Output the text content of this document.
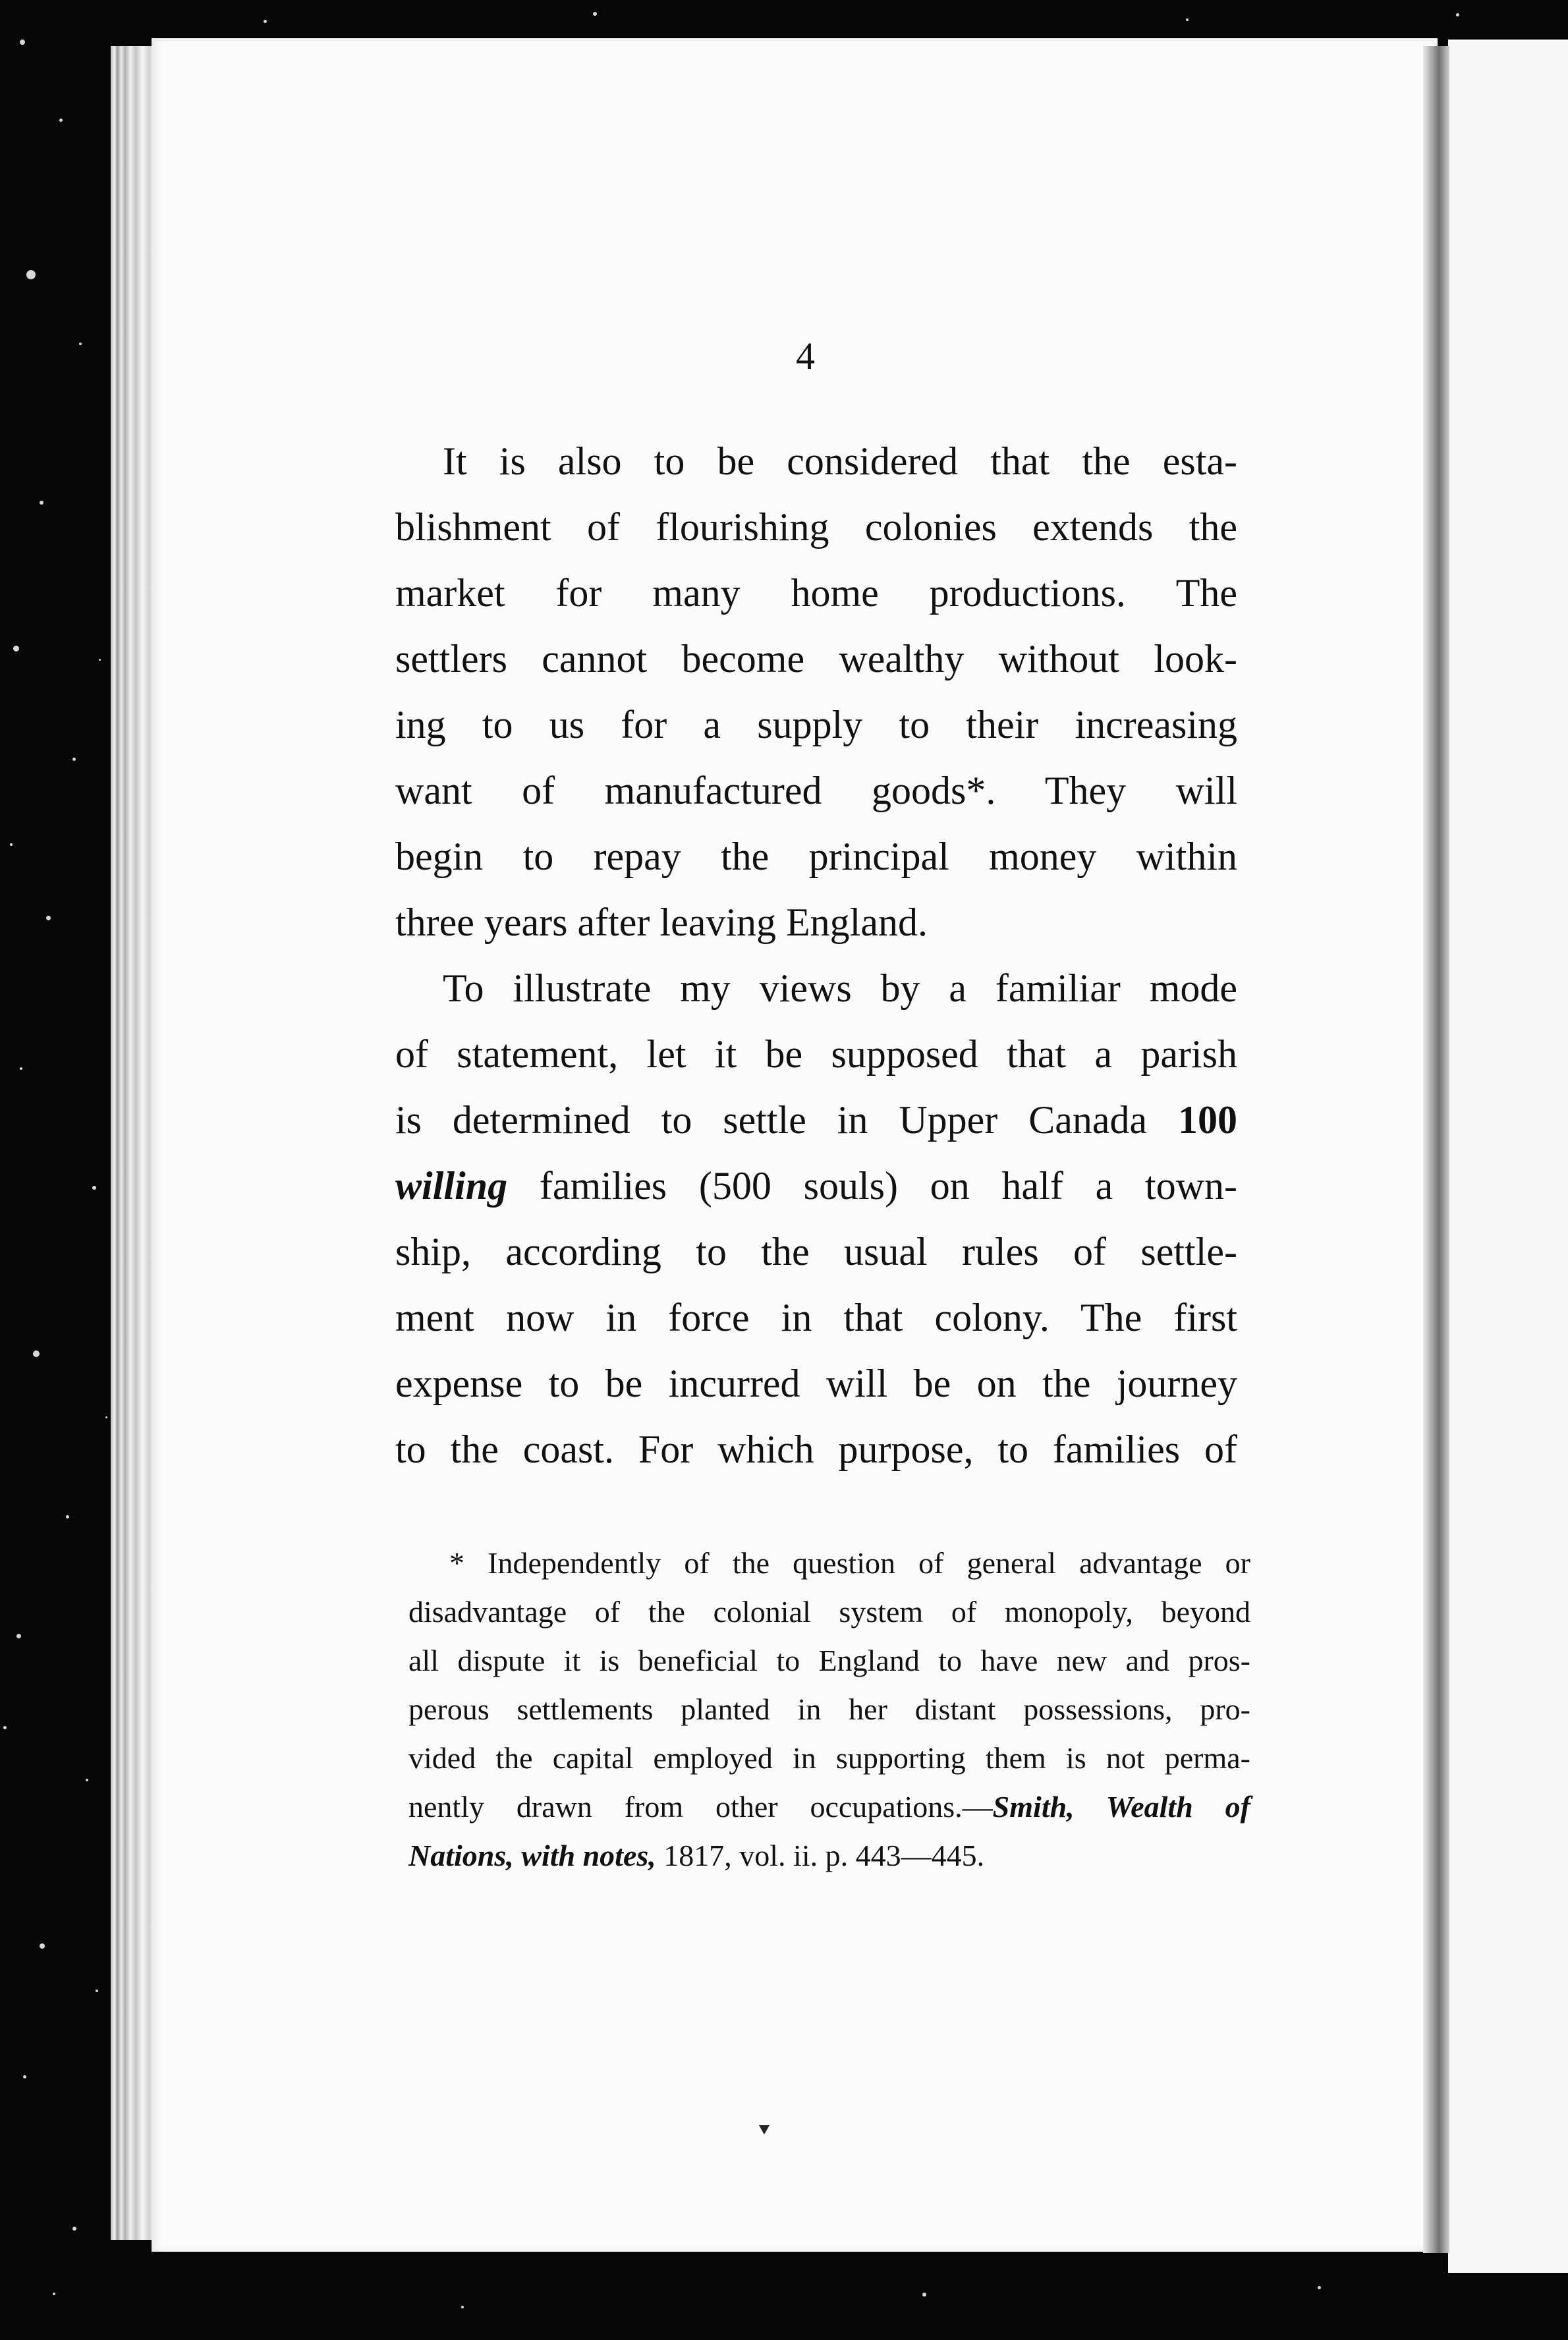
4
It is also to be considered that the esta-
blishment of flourishing colonies extends the
market for many home productions. The
settlers cannot become wealthy without look-
ing to us for a supply to their increasing
want of manufactured goods*. They will
begin to repay the principal money within
three years after leaving England.
To illustrate my views by a familiar mode
of statement, let it be supposed that a parish
is determined to settle in Upper Canada 100
willing families (500 souls) on half a town-
ship, according to the usual rules of settle-
ment now in force in that colony. The first
expense to be incurred will be on the journey
to the coast. For which purpose, to families of
* Independently of the question of general advantage or
disadvantage of the colonial system of monopoly, beyond
all dispute it is beneficial to England to have new and pros-
perous settlements planted in her distant possessions, pro-
vided the capital employed in supporting them is not perma-
nently drawn from other occupations.—Smith, Wealth of
Nations, with notes, 1817, vol. ii. p. 443—445.
